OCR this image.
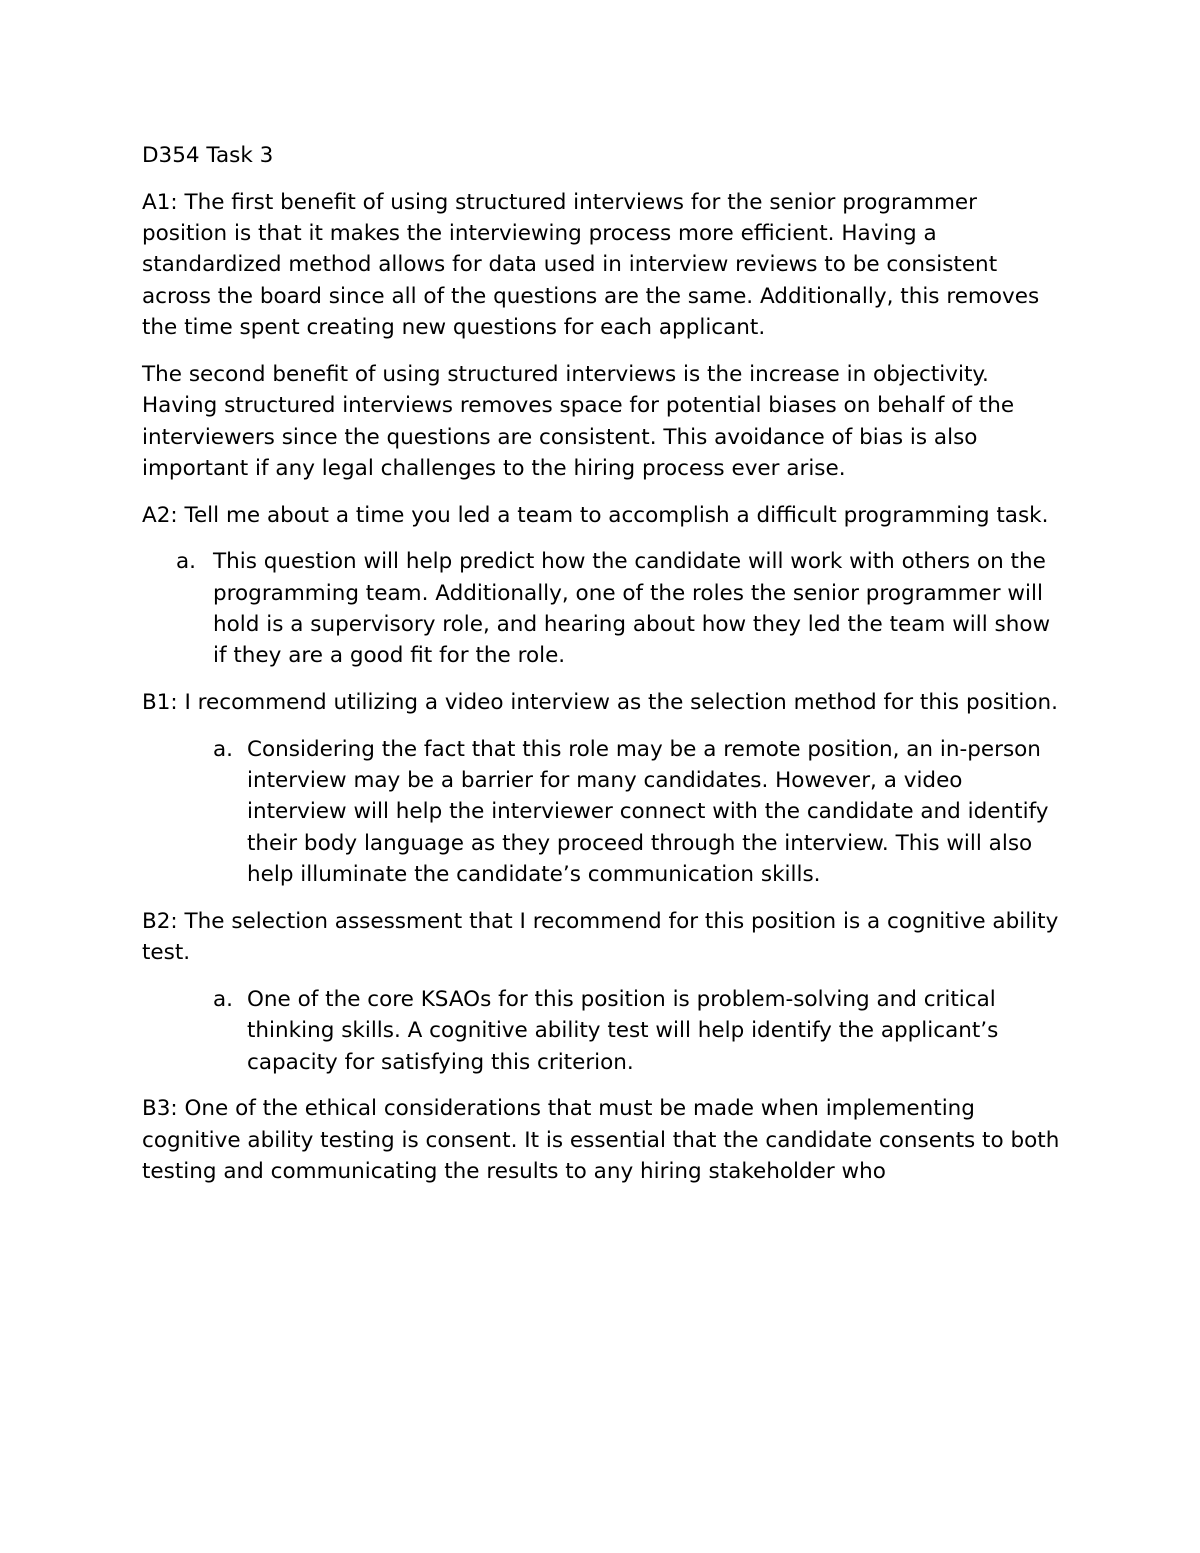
D354 Task 3

A1: The first benefit of using structured interviews for the senior programmer position is that it makes the interviewing process more efficient. Having a standardized method allows for data used in interview reviews to be consistent across the board since all of the questions are the same. Additionally, this removes the time spent creating new questions for each applicant.

The second benefit of using structured interviews is the increase in objectivity. Having structured interviews removes space for potential biases on behalf of the interviewers since the questions are consistent. This avoidance of bias is also important if any legal challenges to the hiring process ever arise.

A2: Tell me about a time you led a team to accomplish a difficult programming task.

a. This question will help predict how the candidate will work with others on the programming team. Additionally, one of the roles the senior programmer will hold is a supervisory role, and hearing about how they led the team will show if they are a good fit for the role.

B1: I recommend utilizing a video interview as the selection method for this position.

a. Considering the fact that this role may be a remote position, an in-person interview may be a barrier for many candidates. However, a video interview will help the interviewer connect with the candidate and identify their body language as they proceed through the interview. This will also help illuminate the candidate’s communication skills.

B2: The selection assessment that I recommend for this position is a cognitive ability test.

a. One of the core KSAOs for this position is problem-solving and critical thinking skills. A cognitive ability test will help identify the applicant’s capacity for satisfying this criterion.

B3: One of the ethical considerations that must be made when implementing cognitive ability testing is consent. It is essential that the candidate consents to both testing and communicating the results to any hiring stakeholder who
